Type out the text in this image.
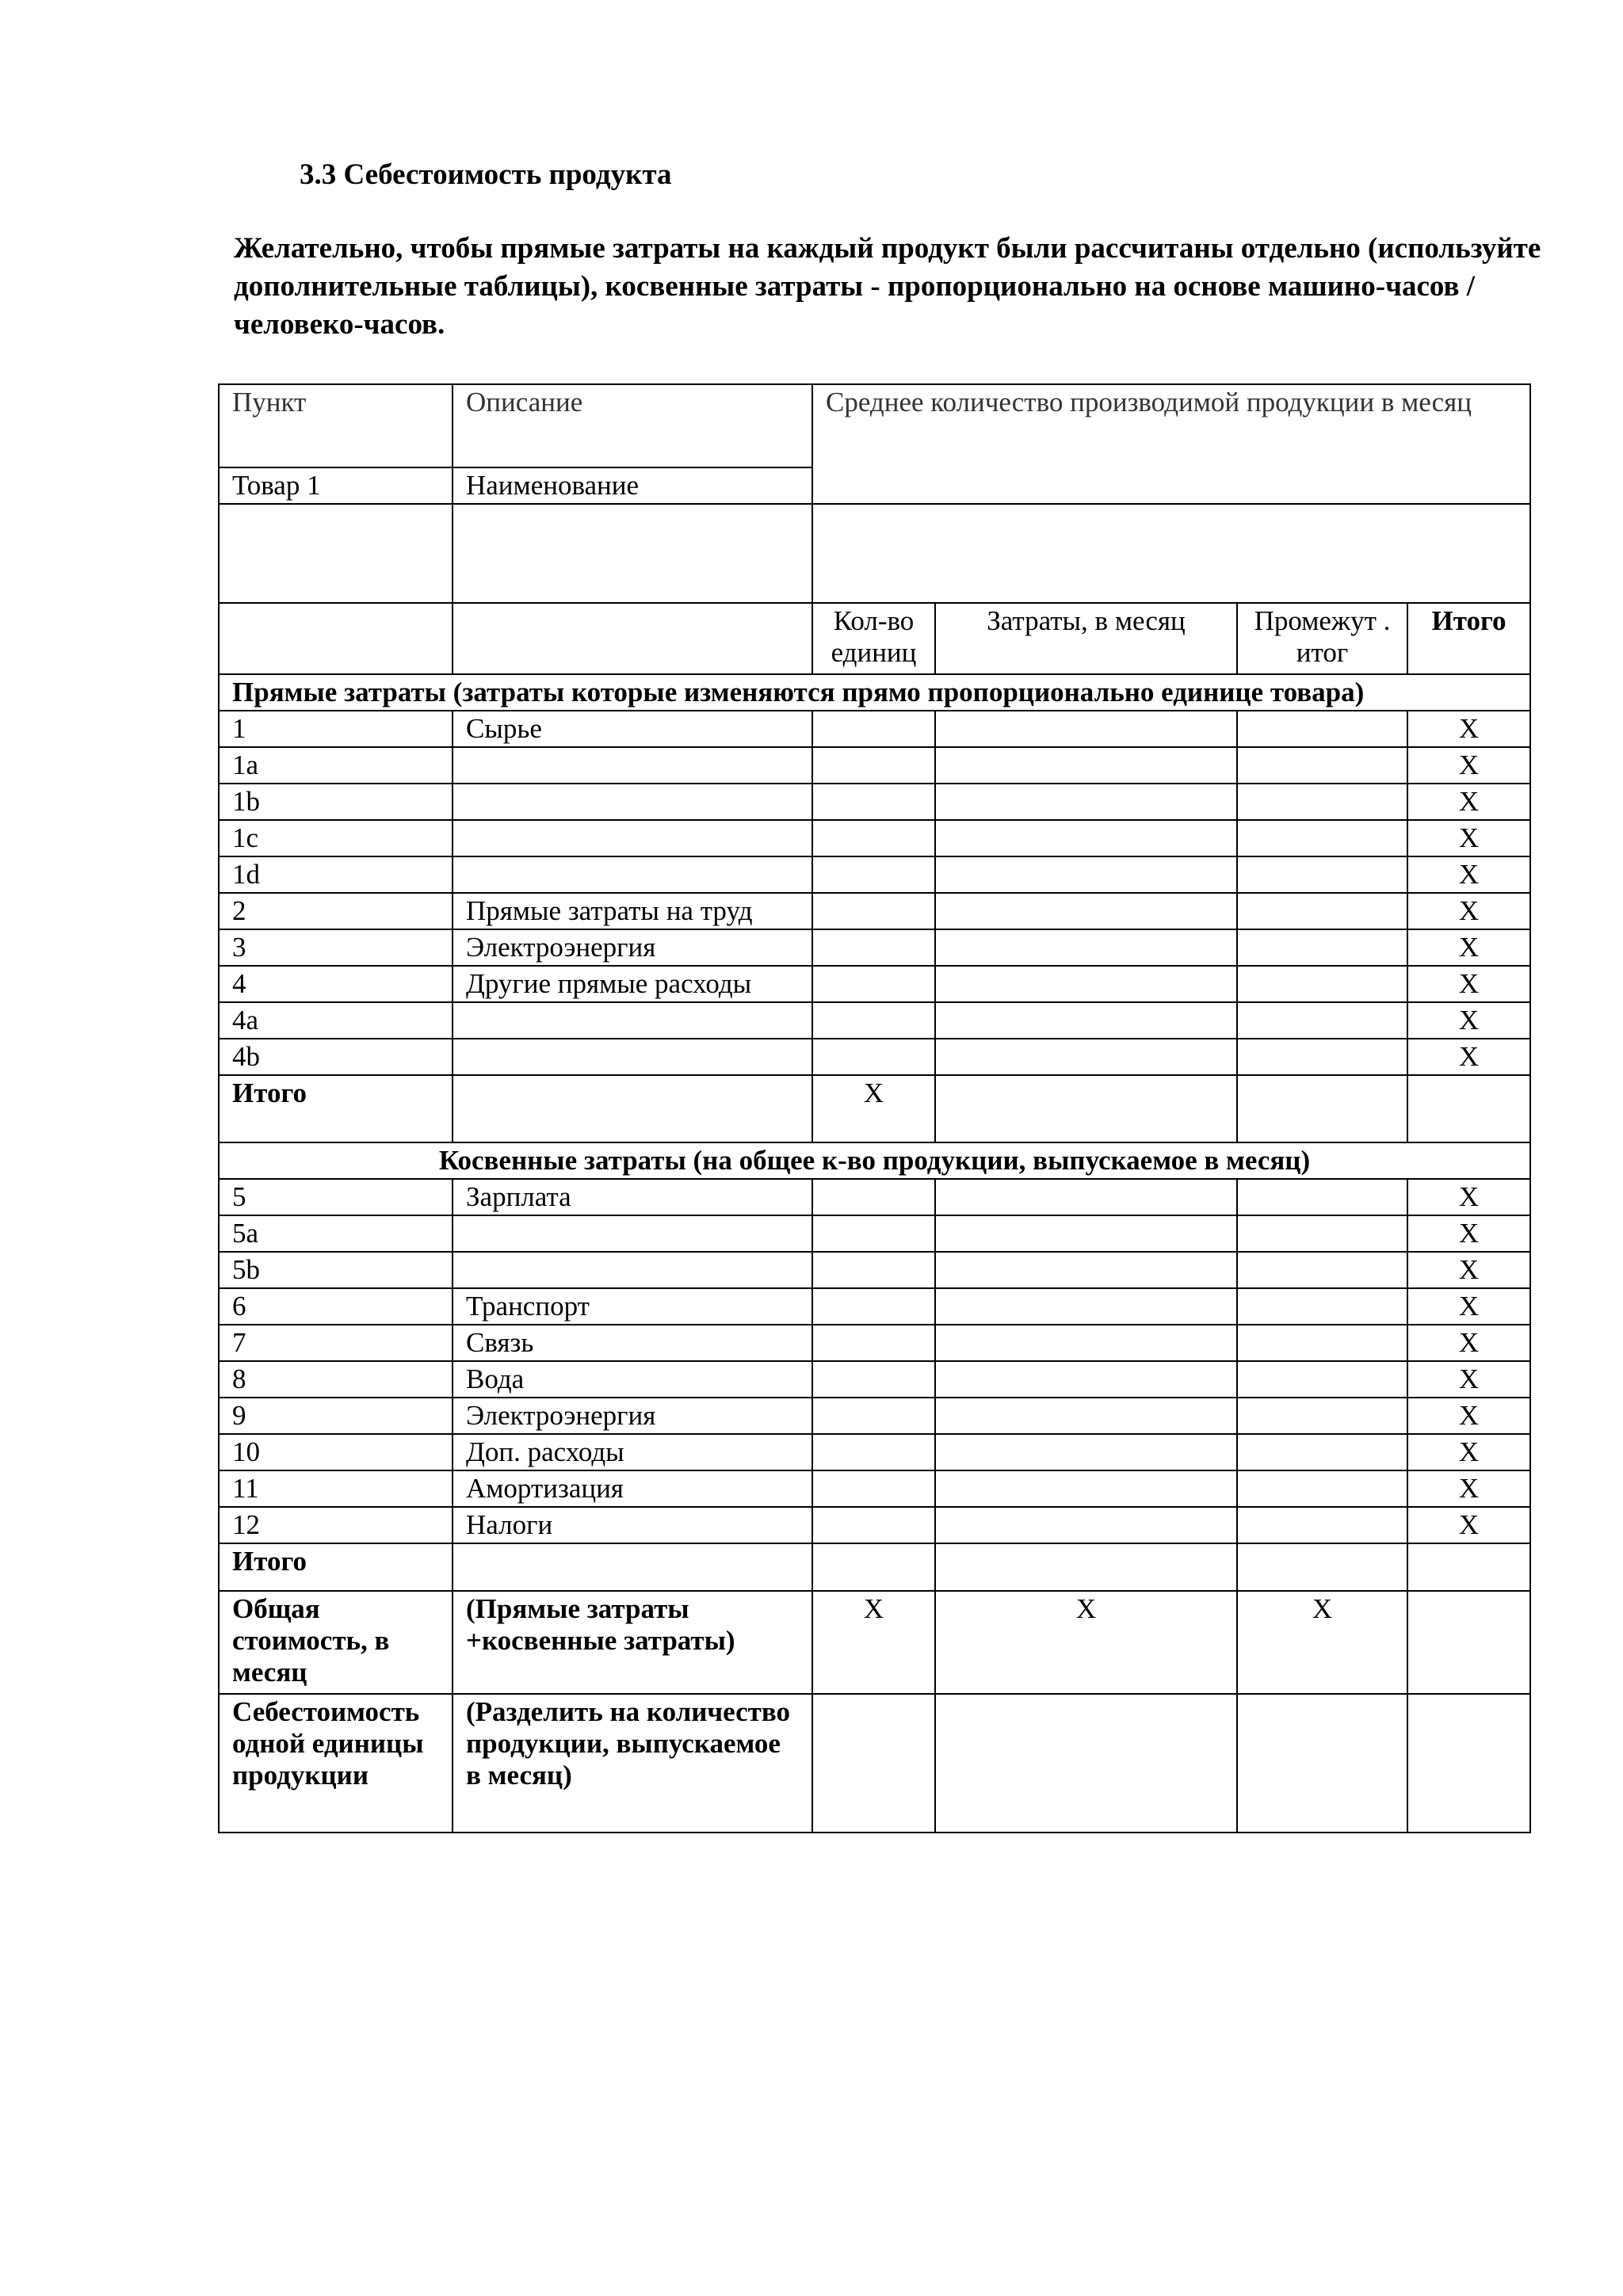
3.3 Себестоимость продукта

Желательно, чтобы прямые затраты на каждый продукт были рассчитаны отдельно (используйте дополнительные таблицы), косвенные затраты - пропорционально на основе машино-часов / человеко-часов.

Пункт	Описание	Среднее количество производимой продукции в месяц			
Товар 1	Наименование				

		Кол-во единиц	Затраты, в месяц	Промежут . итог	Итого
Прямые затраты (затраты которые изменяются прямо пропорционально единице товара)					
1	Сырье				X
1a					X
1b					X
1c					X
1d					X
2	Прямые затраты на труд				X
3	Электроэнергия				X
4	Другие прямые расходы				X
4a					X
4b					X
Итого		X			
Косвенные затраты (на общее к-во продукции, выпускаемое в месяц)					
5	Зарплата				X
5a					X
5b					X
6	Транспорт				X
7	Связь				X
8	Вода				X
9	Электроэнергия				X
10	Доп. расходы				X
11	Амортизация				X
12	Налоги				X
Итого					
Общая стоимость, в месяц	(Прямые затраты +косвенные затраты)	X	X	X	
Себестоимость одной единицы продукции	(Разделить на количество продукции, выпускаемое в месяц)				
